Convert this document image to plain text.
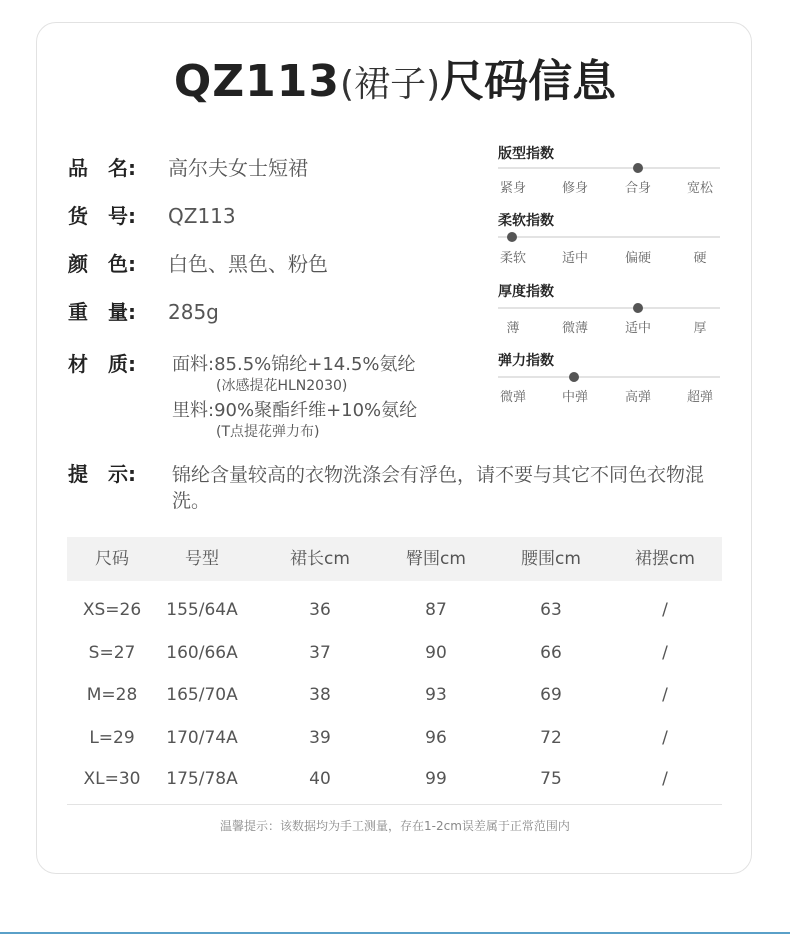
QZ113(裙子)尺码信息
品　名: 高尔夫女士短裙
货　号: QZ113
颜　色: 白色、黑色、粉色
重　量: 285g
材　质:	面料:85.5%锦纶+14.5%氨纶
(冰感提花HLN2030)
里料:90%聚酯纤维+10%氨纶
(T点提花弹力布)
提　示:	锦纶含量较高的衣物洗涤会有浮色，请不要与其它不同色衣物混洗。
版型指数
紧身	修身	合身	宽松
柔软指数
柔软	适中	偏硬	硬
厚度指数
薄	微薄	适中	厚
弹力指数
微弹	中弹	高弹	超弹
尺码	号型	裙长cm	臀围cm	腰围cm	裙摆cm
XS=26	155/64A	36	87	63	/
S=27	160/66A	37	90	66	/
M=28	165/70A	38	93	69	/
L=29	170/74A	39	96	72	/
XL=30	175/78A	40	99	75	/
温馨提示：该数据均为手工测量，存在1-2cm误差属于正常范围内
